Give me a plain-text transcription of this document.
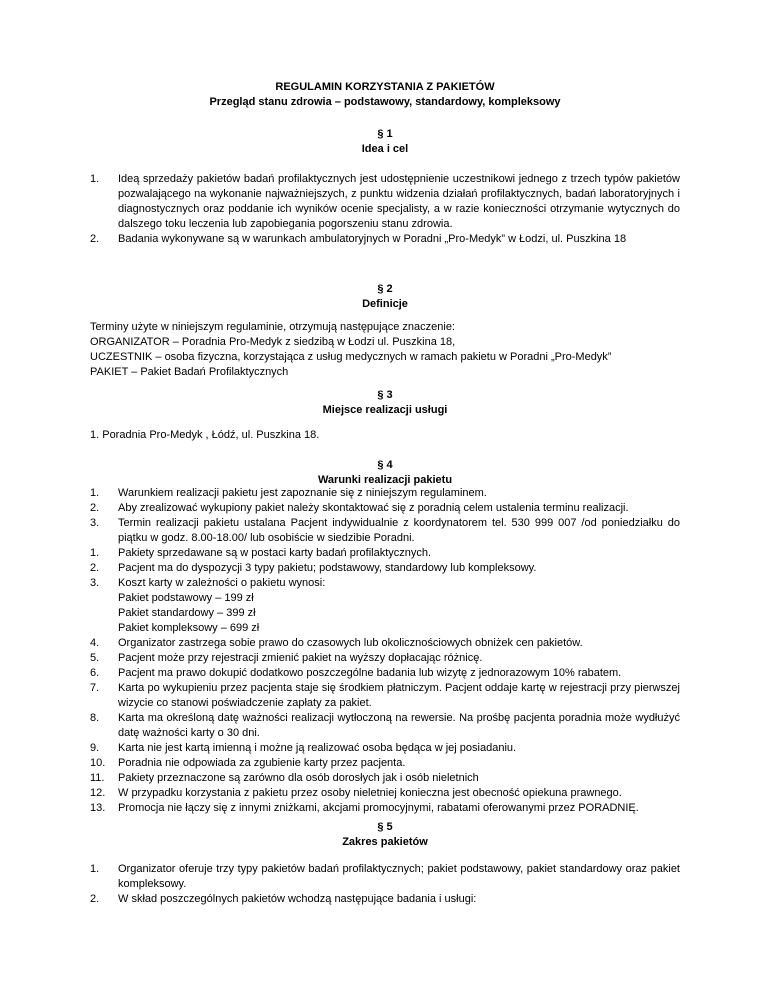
REGULAMIN KORZYSTANIA Z PAKIETÓW
Przegląd stanu zdrowia – podstawowy, standardowy, kompleksowy
§ 1
Idea i cel
1. Ideą sprzedaży pakietów badań profilaktycznych jest udostępnienie uczestnikowi jednego z trzech typów pakietów pozwalającego na wykonanie najważniejszych, z punktu widzenia działań profilaktycznych, badań laboratoryjnych i diagnostycznych oraz poddanie ich wyników ocenie specjalisty, a w razie konieczności otrzymanie wytycznych do dalszego toku leczenia lub zapobiegania pogorszeniu stanu zdrowia.
2. Badania wykonywane są w warunkach ambulatoryjnych w Poradni „Pro-Medyk” w Łodzi, ul. Puszkina 18
§ 2
Definicje

Terminy użyte w niniejszym regulaminie, otrzymują następujące znaczenie:

ORGANIZATOR – Poradnia Pro-Medyk z siedzibą w Łodzi ul. Puszkina 18,

UCZESTNIK – osoba fizyczna, korzystająca z usług medycznych w ramach pakietu w Poradni „Pro-Medyk”

PAKIET – Pakiet Badań Profilaktycznych

§ 3
Miejsce realizacji usługi

1. Poradnia Pro-Medyk , Łódź, ul. Puszkina 18.

§ 4
Warunki realizacji pakietu
1. Warunkiem realizacji pakietu jest zapoznanie się z niniejszym regulaminem.
2. Aby zrealizować wykupiony pakiet należy skontaktować się z poradnią celem ustalenia terminu realizacji.
3. Termin realizacji pakietu ustalana Pacjent indywidualnie z koordynatorem tel. 530 999 007 /od poniedziałku do piątku w godz. 8.00-18.00/ lub osobiście w siedzibie Poradni.
1. Pakiety sprzedawane są w postaci karty badań profilaktycznych.
2. Pacjent ma do dyspozycji 3 typy pakietu; podstawowy, standardowy lub kompleksowy.
3. Koszt karty w zależności o pakietu wynosi:
Pakiet podstawowy – 199 zł
Pakiet standardowy – 399 zł
Pakiet kompleksowy – 699 zł
4. Organizator zastrzega sobie prawo do czasowych lub okolicznościowych obniżek cen pakietów.
5. Pacjent może przy rejestracji zmienić pakiet na wyższy dopłacając różnicę.
6. Pacjent ma prawo dokupić dodatkowo poszczególne badania lub wizytę z jednorazowym 10% rabatem.
7. Karta po wykupieniu przez pacjenta staje się środkiem płatniczym. Pacjent oddaje kartę w rejestracji przy pierwszej wizycie co stanowi poświadczenie zapłaty za pakiet.
8. Karta ma określoną datę ważności realizacji wytłoczoną na rewersie. Na prośbę pacjenta poradnia może wydłużyć datę ważności karty o 30 dni.
9. Karta nie jest kartą imienną i możne ją realizować osoba będąca w jej posiadaniu.
10. Poradnia nie odpowiada za zgubienie karty przez pacjenta.
11. Pakiety przeznaczone są zarówno dla osób dorosłych jak i osób nieletnich
12. W przypadku korzystania z pakietu przez osoby nieletniej konieczna jest obecność opiekuna prawnego.
13. Promocja nie łączy się z innymi zniżkami, akcjami promocyjnymi, rabatami oferowanymi przez PORADNIĘ.
§ 5
Zakres pakietów
1. Organizator oferuje trzy typy pakietów badań profilaktycznych; pakiet podstawowy, pakiet standardowy oraz pakiet kompleksowy.
2. W skład poszczególnych pakietów wchodzą następujące badania i usługi:
